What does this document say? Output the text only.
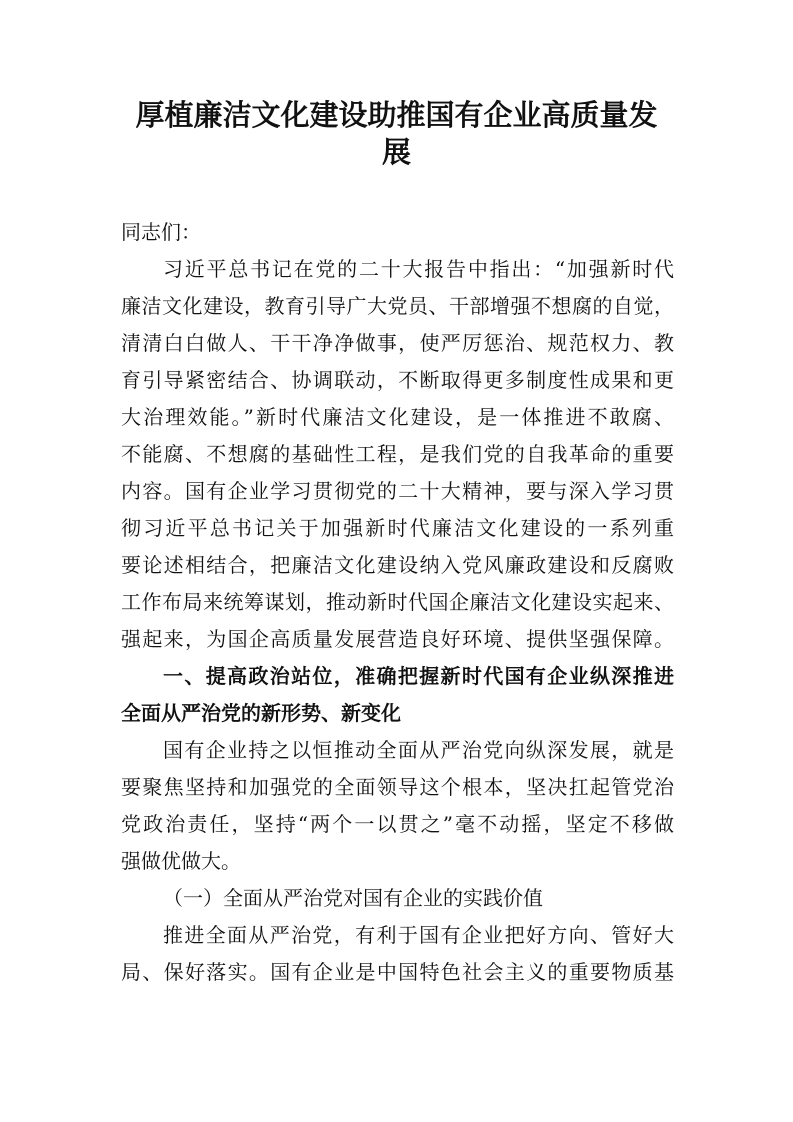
厚植廉洁文化建设助推国有企业高质量发
展
同志们：
习近平总书记在党的二十大报告中指出：“加强新时代
廉洁文化建设，教育引导广大党员、干部增强不想腐的自觉，
清清白白做人、干干净净做事，使严厉惩治、规范权力、教
育引导紧密结合、协调联动，不断取得更多制度性成果和更
大治理效能。”新时代廉洁文化建设，是一体推进不敢腐、
不能腐、不想腐的基础性工程，是我们党的自我革命的重要
内容。国有企业学习贯彻党的二十大精神，要与深入学习贯
彻习近平总书记关于加强新时代廉洁文化建设的一系列重
要论述相结合，把廉洁文化建设纳入党风廉政建设和反腐败
工作布局来统筹谋划，推动新时代国企廉洁文化建设实起来、
强起来，为国企高质量发展营造良好环境、提供坚强保障。
一、提高政治站位，准确把握新时代国有企业纵深推进
全面从严治党的新形势、新变化
国有企业持之以恒推动全面从严治党向纵深发展，就是
要聚焦坚持和加强党的全面领导这个根本，坚决扛起管党治
党政治责任，坚持“两个一以贯之”毫不动摇，坚定不移做
强做优做大。
（一）全面从严治党对国有企业的实践价值
推进全面从严治党，有利于国有企业把好方向、管好大
局、保好落实。国有企业是中国特色社会主义的重要物质基
